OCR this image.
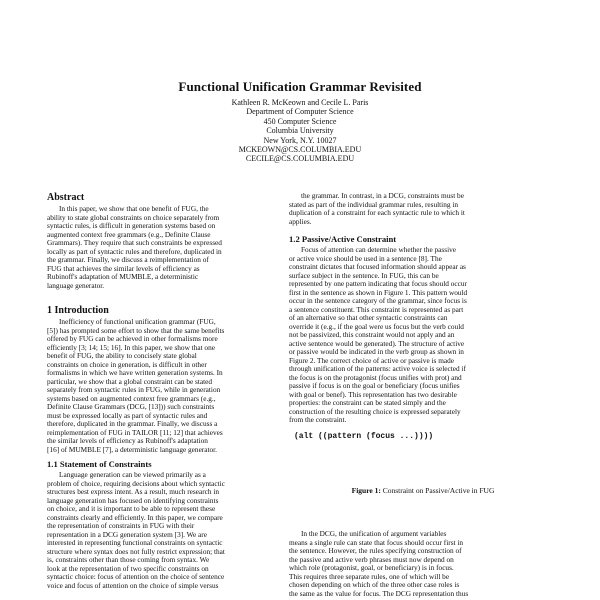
Functional Unification Grammar Revisited
Kathleen R. McKeown and Cecile L. Paris
Department of Computer Science
450 Computer Science
Columbia University
New York, N.Y. 10027
MCKEOWN@CS.COLUMBIA.EDU
CECILE@CS.COLUMBIA.EDU
Abstract

In this paper, we show that one benefit of FUG, the
ability to state global constraints on choice separately from
syntactic rules, is difficult in generation systems based on
augmented context free grammars (e.g., Definite Clause
Grammars). They require that such constraints be expressed
locally as part of syntactic rules and therefore, duplicated in
the grammar. Finally, we discuss a reimplementation of
FUG that achieves the similar levels of efficiency as
Rubinoff's adaptation of MUMBLE, a deterministic
language generator.

1 Introduction

Inefficiency of functional unification grammar (FUG,
[5]) has prompted some effort to show that the same benefits
offered by FUG can be achieved in other formalisms more
efficiently [3; 14; 15; 16]. In this paper, we show that one
benefit of FUG, the ability to concisely state global
constraints on choice in generation, is difficult in other
formalisms in which we have written generation systems. In
particular, we show that a global constraint can be stated
separately from syntactic rules in FUG, while in generation
systems based on augmented context free grammars (e.g.,
Definite Clause Grammars (DCG, [13])) such constraints
must be expressed locally as part of syntactic rules and
therefore, duplicated in the grammar. Finally, we discuss a
reimplementation of FUG in TAILOR [11; 12] that achieves
the similar levels of efficiency as Rubinoff's adaptation
[16] of MUMBLE [7], a deterministic language generator.

1.1 Statement of Constraints

Language generation can be viewed primarily as a
problem of choice, requiring decisions about which syntactic
structures best express intent. As a result, much research in
language generation has focused on identifying constraints
on choice, and it is important to be able to represent these
constraints clearly and efficiently. In this paper, we compare
the representation of constraints in FUG with their
representation in a DCG generation system [3]. We are
interested in representing functional constraints on syntactic
structure where syntax does not fully restrict expression; that
is, constraints other than those coming from syntax. We
look at the representation of two specific constraints on
syntactic choice: focus of attention on the choice of sentence
voice and focus of attention on the choice of simple versus

the grammar. In contrast, in a DCG, constraints must be
stated as part of the individual grammar rules, resulting in
duplication of a constraint for each syntactic rule to which it
applies.

1.2 Passive/Active Constraint

Focus of attention can determine whether the passive
or active voice should be used in a sentence [8]. The
constraint dictates that focused information should appear as
surface subject in the sentence. In FUG, this can be
represented by one pattern indicating that focus should occur
first in the sentence as shown in Figure 1. This pattern would
occur in the sentence category of the grammar, since focus is
a sentence constituent. This constraint is represented as part
of an alternative so that other syntactic constraints can
override it (e.g., if the goal were us focus but the verb could
not be passivized, this constraint would not apply and an
active sentence would be generated). The structure of active
or passive would be indicated in the verb group as shown in
Figure 2. The correct choice of active or passive is made
through unification of the patterns: active voice is selected if
the focus is on the protagonist (focus unifies with prot) and
passive if focus is on the goal or beneficiary (focus unifies
with goal or benef). This representation has two desirable
properties: the constraint can be stated simply and the
construction of the resulting choice is expressed separately
from the constraint.

(alt ((pattern (focus ...))))
Figure 1: Constraint on Passive/Active in FUG

In the DCG, the unification of argument variables
means a single rule can state that focus should occur first in
the sentence. However, the rules specifying construction of
the passive and active verb phrases must now depend on
which role (protagonist, goal, or beneficiary) is in focus.
This requires three separate rules, one of which will be
chosen depending on which of the three other case roles is
the same as the value for focus. The DCG representation thus
